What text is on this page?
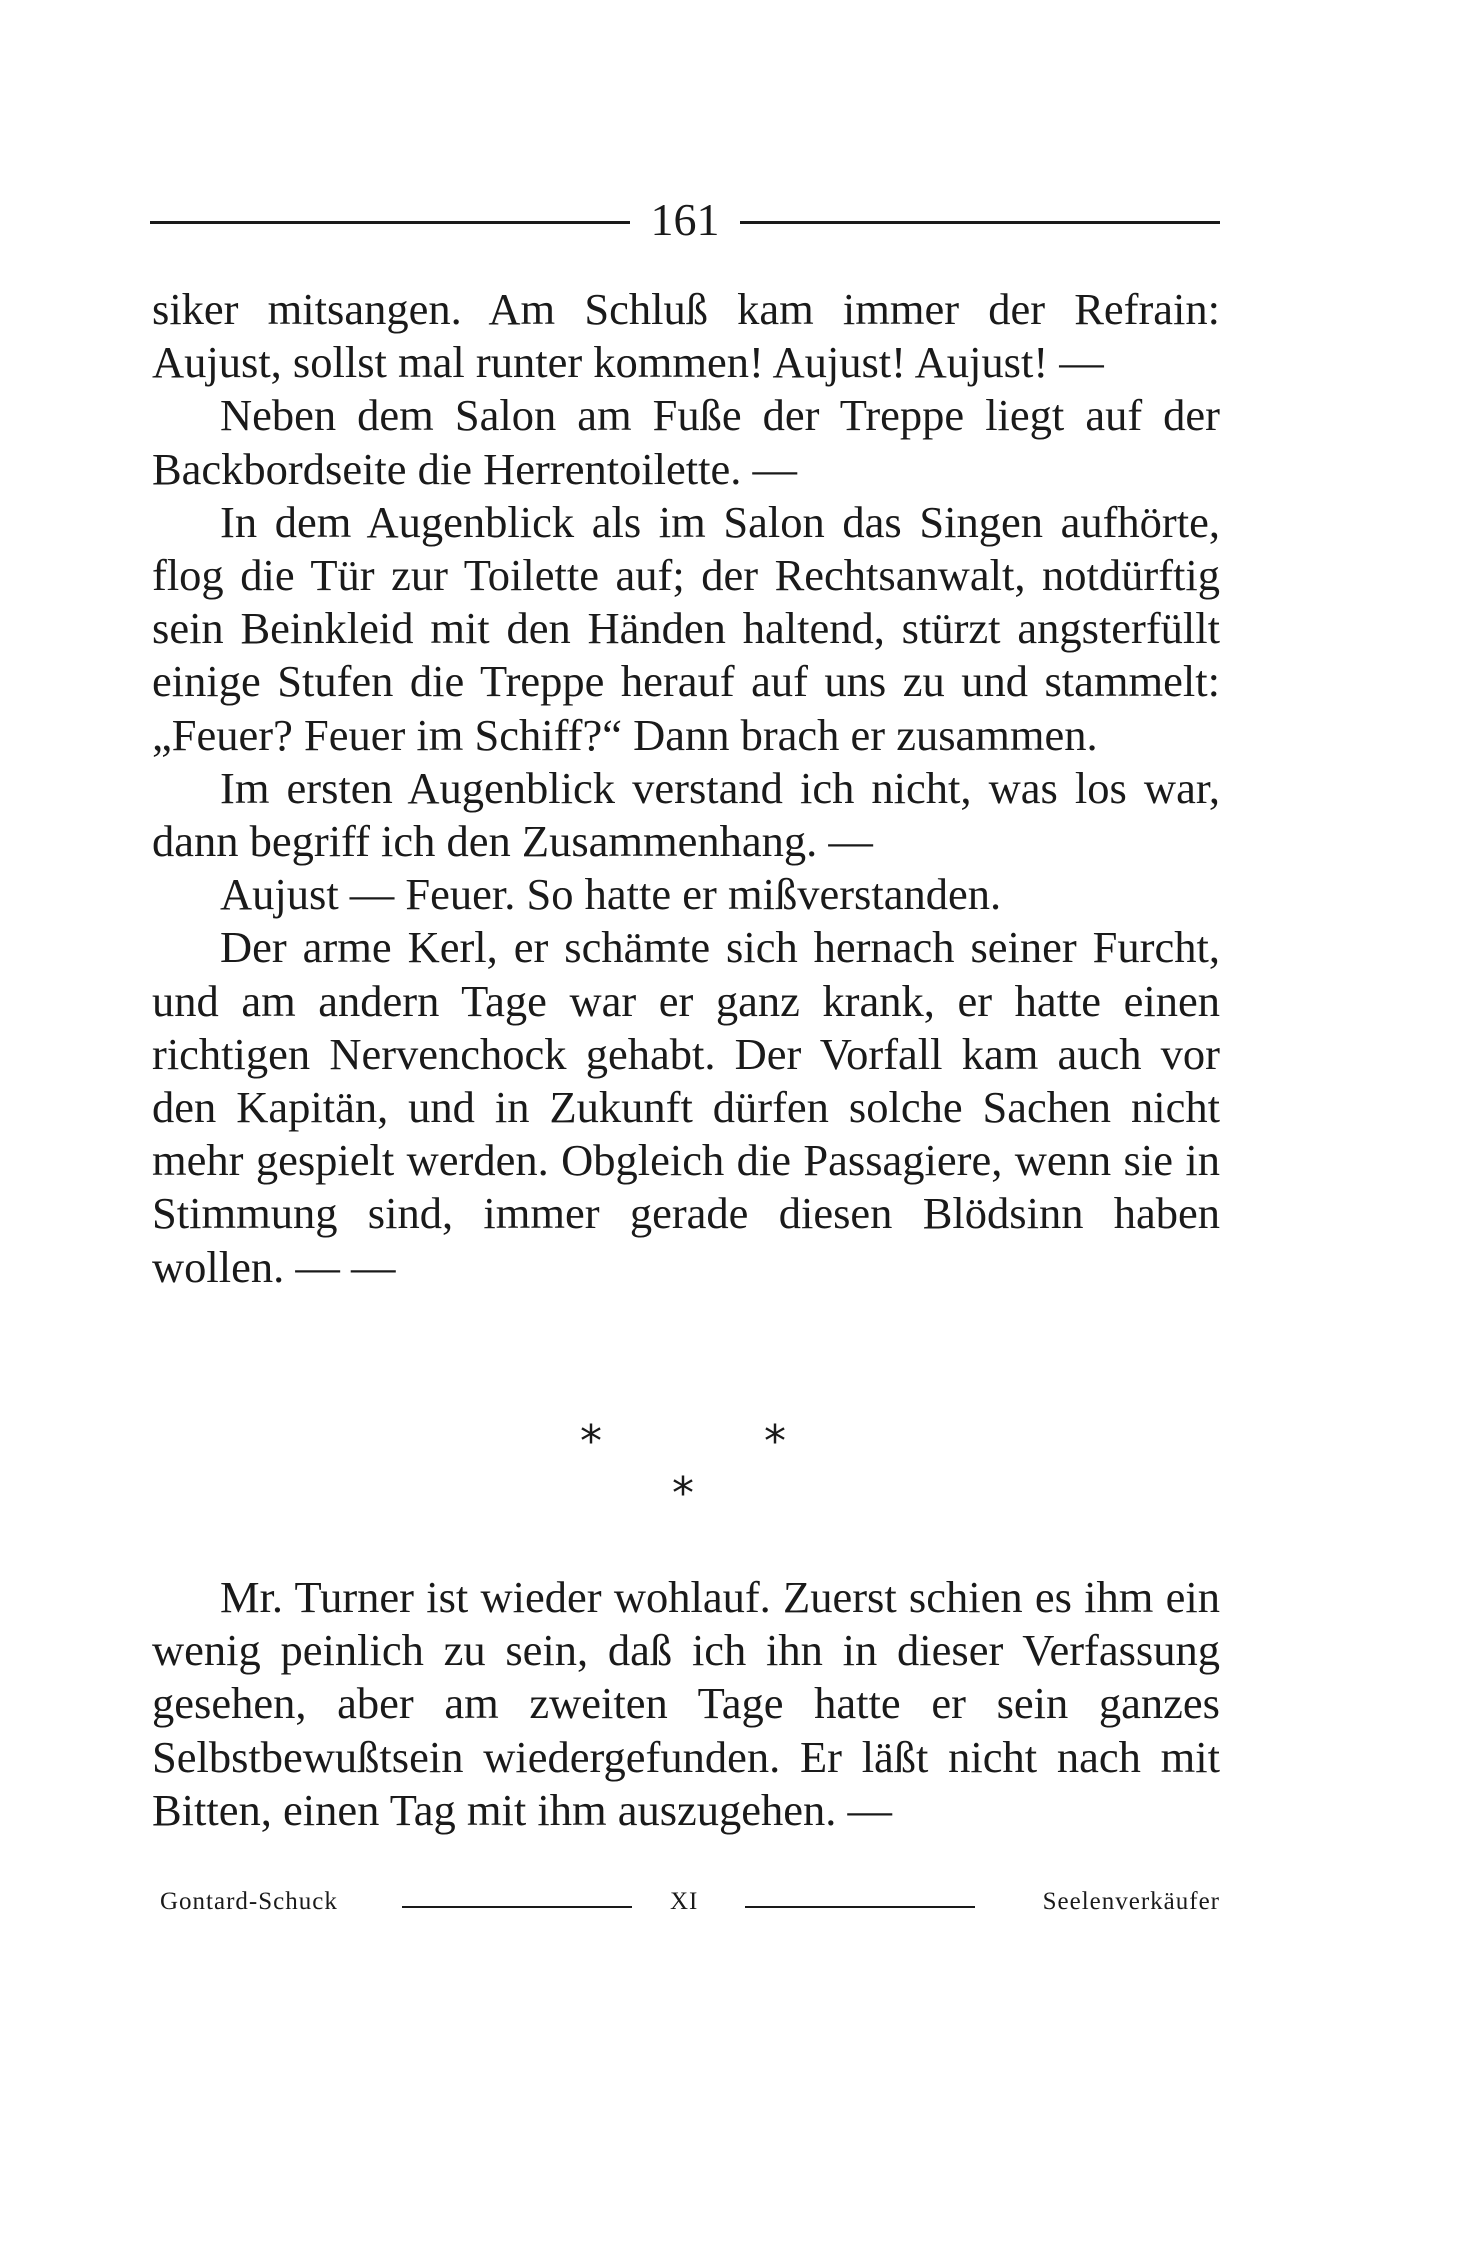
161

siker mitsangen. Am Schluß kam immer der Refrain: Aujust, sollst mal runter kommen! Aujust! Aujust! —

Neben dem Salon am Fuße der Treppe liegt auf der Backbordseite die Herrentoilette. —

In dem Augenblick als im Salon das Singen aufhörte, flog die Tür zur Toilette auf; der Rechtsanwalt, notdürftig sein Beinkleid mit den Händen haltend, stürzt angsterfüllt einige Stufen die Treppe herauf auf uns zu und stammelt: „Feuer? Feuer im Schiff?“ Dann brach er zusammen.

Im ersten Augenblick verstand ich nicht, was los war, dann begriff ich den Zusammenhang. —

Aujust — Feuer. So hatte er mißverstanden.

Der arme Kerl, er schämte sich hernach seiner Furcht, und am andern Tage war er ganz krank, er hatte einen richtigen Nervenchock gehabt. Der Vorfall kam auch vor den Kapitän, und in Zukunft dürfen solche Sachen nicht mehr gespielt werden. Obgleich die Passagiere, wenn sie in Stimmung sind, immer gerade diesen Blödsinn haben wollen. — —

*	*
*

Mr. Turner ist wieder wohlauf. Zuerst schien es ihm ein wenig peinlich zu sein, daß ich ihn in dieser Verfassung gesehen, aber am zweiten Tage hatte er sein ganzes Selbstbewußtsein wiedergefunden. Er läßt nicht nach mit Bitten, einen Tag mit ihm auszugehen. —

Gontard-Schuck	XI	Seelenverkäufer
